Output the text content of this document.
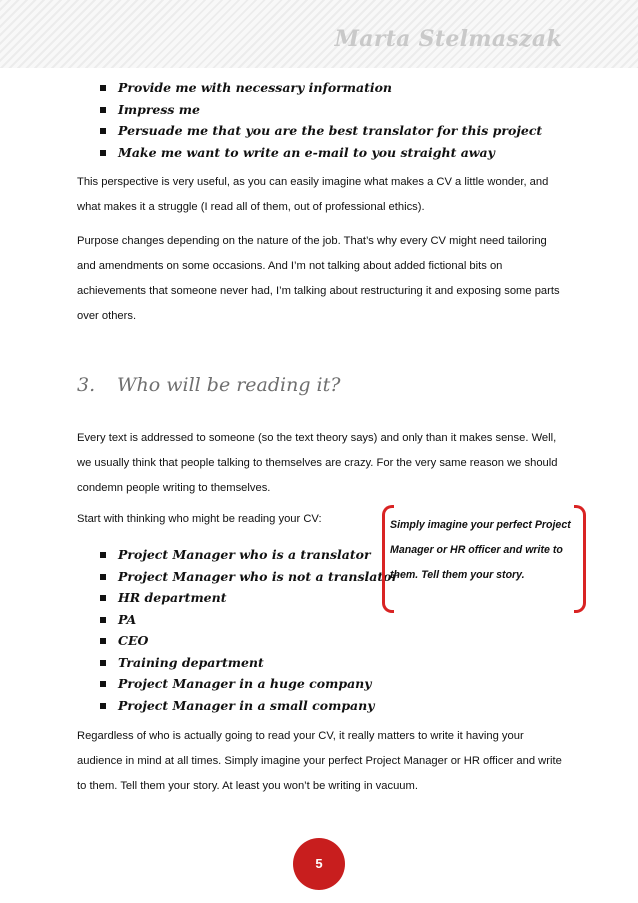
Marta Stelmaszak
Provide me with necessary information
Impress me
Persuade me that you are the best translator for this project
Make me want to write an e-mail to you straight away

This perspective is very useful, as you can easily imagine what makes a CV a little wonder, and what makes it a struggle (I read all of them, out of professional ethics).

Purpose changes depending on the nature of the job. That’s why every CV might need tailoring and amendments on some occasions. And I’m not talking about added fictional bits on achievements that someone never had, I’m talking about restructuring it and exposing some parts over others.

3. Who will be reading it?

Every text is addressed to someone (so the text theory says) and only than it makes sense. Well, we usually think that people talking to themselves are crazy. For the very same reason we should condemn people writing to themselves.

Start with thinking who might be reading your CV:

Project Manager who is a translator
Project Manager who is not a translator
HR department
PA
CEO
Training department
Project Manager in a huge company
Project Manager in a small company
Simply imagine your perfect Project Manager or HR officer and write to them. Tell them your story.

Regardless of who is actually going to read your CV, it really matters to write it having your audience in mind at all times. Simply imagine your perfect Project Manager or HR officer and write to them. Tell them your story. At least you won’t be writing in vacuum.

5
